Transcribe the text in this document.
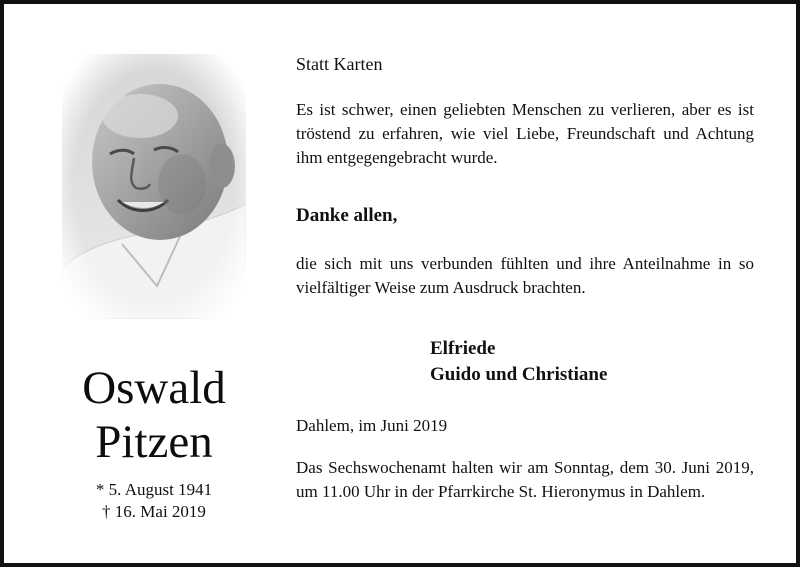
Oswald
Pitzen
* 5. August 1941
† 16. Mai 2019
Statt Karten
Es ist schwer, einen geliebten Menschen zu verlieren, aber es ist tröstend zu erfahren, wie viel Liebe, Freundschaft und Achtung ihm entgegengebracht wurde.
Danke allen,
die sich mit uns verbunden fühlten und ihre Anteilnahme in so vielfältiger Weise zum Ausdruck brachten.
Elfriede
Guido und Christiane
Dahlem, im Juni 2019
Das Sechswochenamt halten wir am Sonntag, dem 30. Juni 2019, um 11.00 Uhr in der Pfarrkirche St. Hieronymus in Dahlem.
